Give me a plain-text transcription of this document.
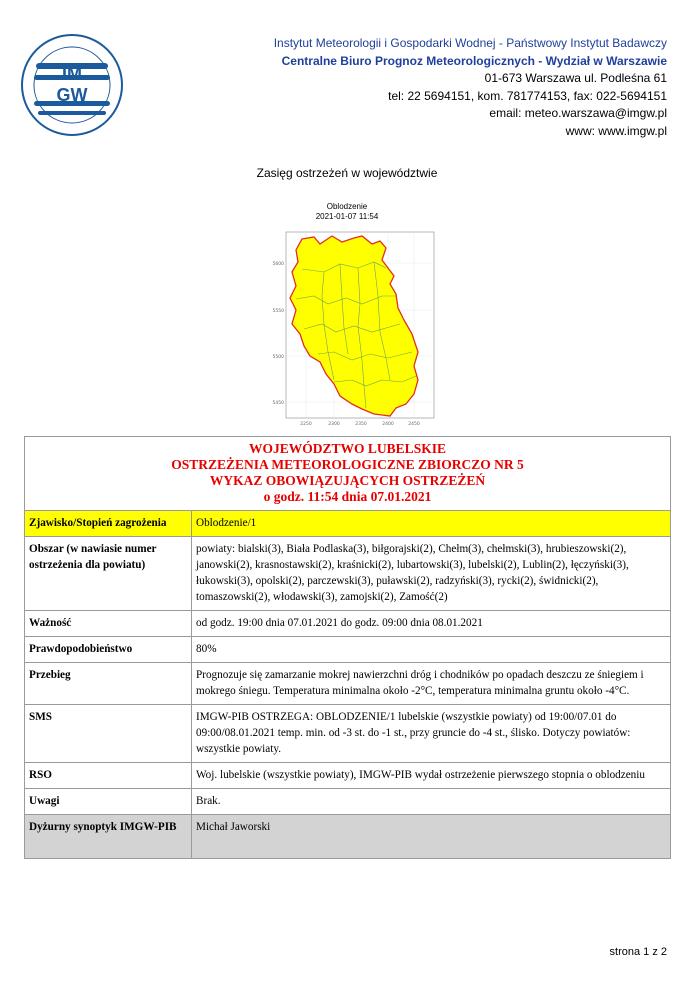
IM
GW
Instytut Meteorologii i Gospodarki Wodnej - Państwowy Instytut Badawczy
Centralne Biuro Prognoz Meteorologicznych - Wydział w Warszawie
01-673 Warszawa ul. Podleśna 61
tel: 22 5694151, kom. 781774153, fax: 022-5694151
email: meteo.warszawa@imgw.pl
www: www.imgw.pl
Zasięg ostrzeżeń w województwie
Oblodzenie
2021-01-07 11:54
5600
5550
5500
5450
2250	2300	2350	2400	2450
WOJEWÓDZTWO LUBELSKIE
OSTRZEŻENIA METEOROLOGICZNE ZBIORCZO NR 5
WYKAZ OBOWIĄZUJĄCYCH OSTRZEŻEŃ
o godz. 11:54 dnia 07.01.2021	

Zjawisko/Stopień zagrożenia	Oblodzenie/1
Obszar (w nawiasie numer ostrzeżenia dla powiatu)	powiaty: bialski(3), Biała Podlaska(3), biłgorajski(2), Chełm(3), chełmski(3), hrubieszowski(2), janowski(2), krasnostawski(2), kraśnicki(2), lubartowski(3), lubelski(2), Lublin(2), łęczyński(3), łukowski(3), opolski(2), parczewski(3), puławski(2), radzyński(3), rycki(2), świdnicki(2), tomaszowski(2), włodawski(3), zamojski(2), Zamość(2)
Ważność	od godz. 19:00 dnia 07.01.2021 do godz. 09:00 dnia 08.01.2021
Prawdopodobieństwo	80%
Przebieg	Prognozuje się zamarzanie mokrej nawierzchni dróg i chodników po opadach deszczu ze śniegiem i mokrego śniegu. Temperatura minimalna około -2°C, temperatura minimalna gruntu około -4°C.
SMS	IMGW-PIB OSTRZEGA: OBLODZENIE/1 lubelskie (wszystkie powiaty) od 19:00/07.01 do 09:00/08.01.2021 temp. min. od -3 st. do -1 st., przy gruncie do -4 st., ślisko. Dotyczy powiatów: wszystkie powiaty.
RSO	Woj. lubelskie (wszystkie powiaty), IMGW-PIB wydał ostrzeżenie pierwszego stopnia o oblodzeniu
Uwagi	Brak.
Dyżurny synoptyk IMGW-PIB	Michał Jaworski
strona 1 z 2
